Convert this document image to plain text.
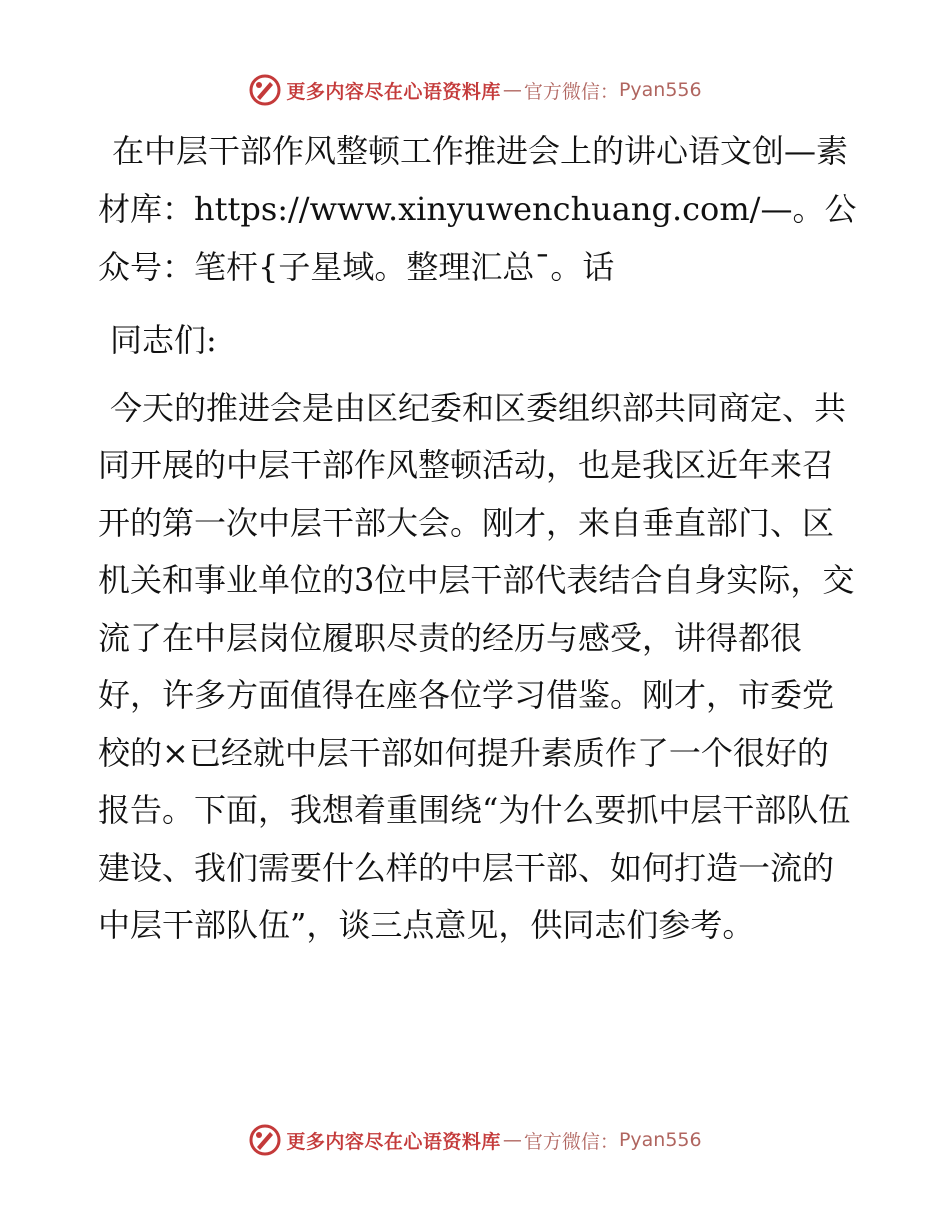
更多内容尽在心语资料库 — 官方微信： Pyan556

在中层干部作风整顿工作推进会上的讲心语文创—素材库：https://www.xinyuwenchuang.com/—。公众号：笔杆{子星域。整理汇总¯。话

同志们:

今天的推进会是由区纪委和区委组织部共同商定、共同开展的中层干部作风整顿活动，也是我区近年来召开的第一次中层干部大会。刚才，来自垂直部门、区机关和事业单位的3位中层干部代表结合自身实际，交流了在中层岗位履职尽责的经历与感受，讲得都很好，许多方面值得在座各位学习借鉴。刚才，市委党校的×已经就中层干部如何提升素质作了一个很好的报告。下面，我想着重围绕“为什么要抓中层干部队伍建设、我们需要什么样的中层干部、如何打造一流的中层干部队伍”，谈三点意见，供同志们参考。

更多内容尽在心语资料库 — 官方微信： Pyan556
